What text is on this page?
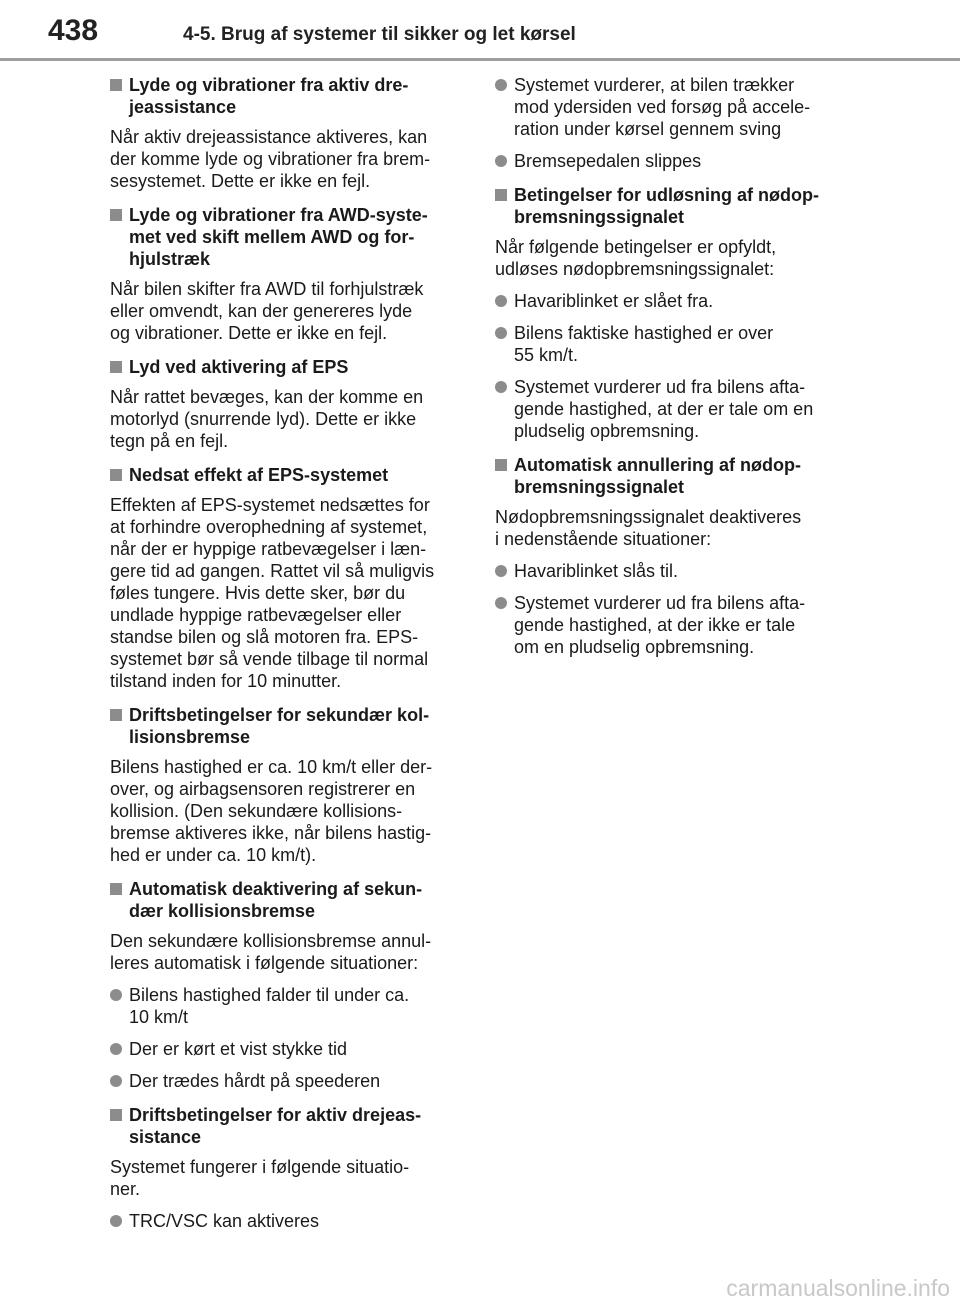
438	4-5. Brug af systemer til sikker og let kørsel
Lyde og vibrationer fra aktiv dre-
jeassistance
Når aktiv drejeassistance aktiveres, kan
der komme lyde og vibrationer fra brem-
sesystemet. Dette er ikke en fejl.
Lyde og vibrationer fra AWD-syste-
met ved skift mellem AWD og for-
hjulstræk
Når bilen skifter fra AWD til forhjulstræk
eller omvendt, kan der genereres lyde
og vibrationer. Dette er ikke en fejl.
Lyd ved aktivering af EPS
Når rattet bevæges, kan der komme en
motorlyd (snurrende lyd). Dette er ikke
tegn på en fejl.
Nedsat effekt af EPS-systemet
Effekten af EPS-systemet nedsættes for
at forhindre overophedning af systemet,
når der er hyppige ratbevægelser i læn-
gere tid ad gangen. Rattet vil så muligvis
føles tungere. Hvis dette sker, bør du
undlade hyppige ratbevægelser eller
standse bilen og slå motoren fra. EPS-
systemet bør så vende tilbage til normal
tilstand inden for 10 minutter.
Driftsbetingelser for sekundær kol-
lisionsbremse
Bilens hastighed er ca. 10 km/t eller der-
over, og airbagsensoren registrerer en
kollision. (Den sekundære kollisions-
bremse aktiveres ikke, når bilens hastig-
hed er under ca. 10 km/t).
Automatisk deaktivering af sekun-
dær kollisionsbremse
Den sekundære kollisionsbremse annul-
leres automatisk i følgende situationer:
Bilens hastighed falder til under ca.
10 km/t
Der er kørt et vist stykke tid
Der trædes hårdt på speederen
Driftsbetingelser for aktiv drejeas-
sistance
Systemet fungerer i følgende situatio-
ner.
TRC/VSC kan aktiveres
Systemet vurderer, at bilen trækker
mod ydersiden ved forsøg på accele-
ration under kørsel gennem sving
Bremsepedalen slippes
Betingelser for udløsning af nødop-
bremsningssignalet
Når følgende betingelser er opfyldt,
udløses nødopbremsningssignalet:
Havariblinket er slået fra.
Bilens faktiske hastighed er over
55 km/t.
Systemet vurderer ud fra bilens afta-
gende hastighed, at der er tale om en
pludselig opbremsning.
Automatisk annullering af nødop-
bremsningssignalet
Nødopbremsningssignalet deaktiveres
i nedenstående situationer:
Havariblinket slås til.
Systemet vurderer ud fra bilens afta-
gende hastighed, at der ikke er tale
om en pludselig opbremsning.
carmanualsonline.info
